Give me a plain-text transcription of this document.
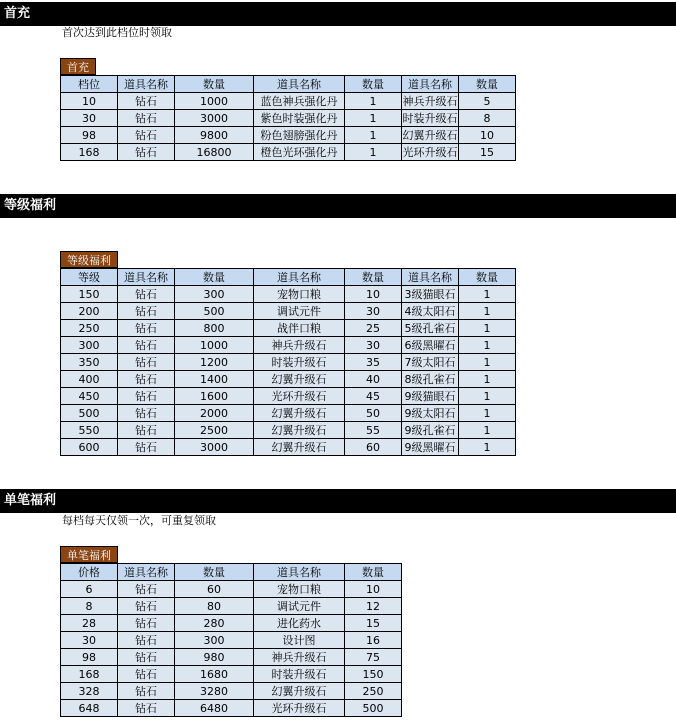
首充
首次达到此档位时领取
首充
档位	道具名称	数量	道具名称	数量	道具名称	数量
10	钻石	1000	蓝色神兵强化丹	1	神兵升级石	5
30	钻石	3000	紫色时装强化丹	1	时装升级石	8
98	钻石	9800	粉色翅膀强化丹	1	幻翼升级石	10
168	钻石	16800	橙色光环强化丹	1	光环升级石	15
等级福利
等级福利
等级	道具名称	数量	道具名称	数量	道具名称	数量
150	钻石	300	宠物口粮	10	3级猫眼石	1
200	钻石	500	调试元件	30	4级太阳石	1
250	钻石	800	战伴口粮	25	5级孔雀石	1
300	钻石	1000	神兵升级石	30	6级黑曜石	1
350	钻石	1200	时装升级石	35	7级太阳石	1
400	钻石	1400	幻翼升级石	40	8级孔雀石	1
450	钻石	1600	光环升级石	45	9级猫眼石	1
500	钻石	2000	幻翼升级石	50	9级太阳石	1
550	钻石	2500	幻翼升级石	55	9级孔雀石	1
600	钻石	3000	幻翼升级石	60	9级黑曜石	1
单笔福利
每档每天仅领一次，可重复领取
单笔福利
价格	道具名称	数量	道具名称	数量
6	钻石	60	宠物口粮	10
8	钻石	80	调试元件	12
28	钻石	280	进化药水	15
30	钻石	300	设计图	16
98	钻石	980	神兵升级石	75
168	钻石	1680	时装升级石	150
328	钻石	3280	幻翼升级石	250
648	钻石	6480	光环升级石	500
